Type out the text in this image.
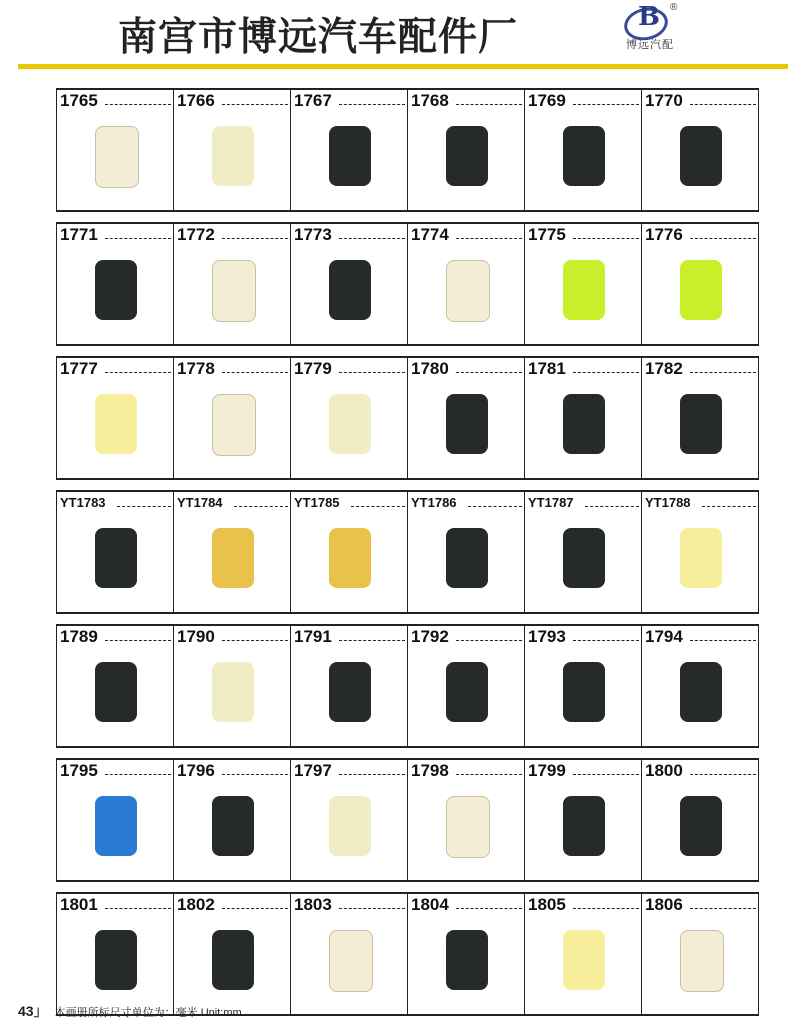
南宫市博远汽车配件厂	B ®
博远汽配
1765	1766	1767	1768	1769	1770
1771	1772	1773	1774	1775	1776
1777	1778	1779	1780	1781	1782
YT1783	YT1784	YT1785	YT1786	YT1787	YT1788
1789	1790	1791	1792	1793	1794
1795	1796	1797	1798	1799	1800
1801	1802	1803	1804	1805	1806
43」 本画册所标尺寸单位为：毫米 Unit:mm
